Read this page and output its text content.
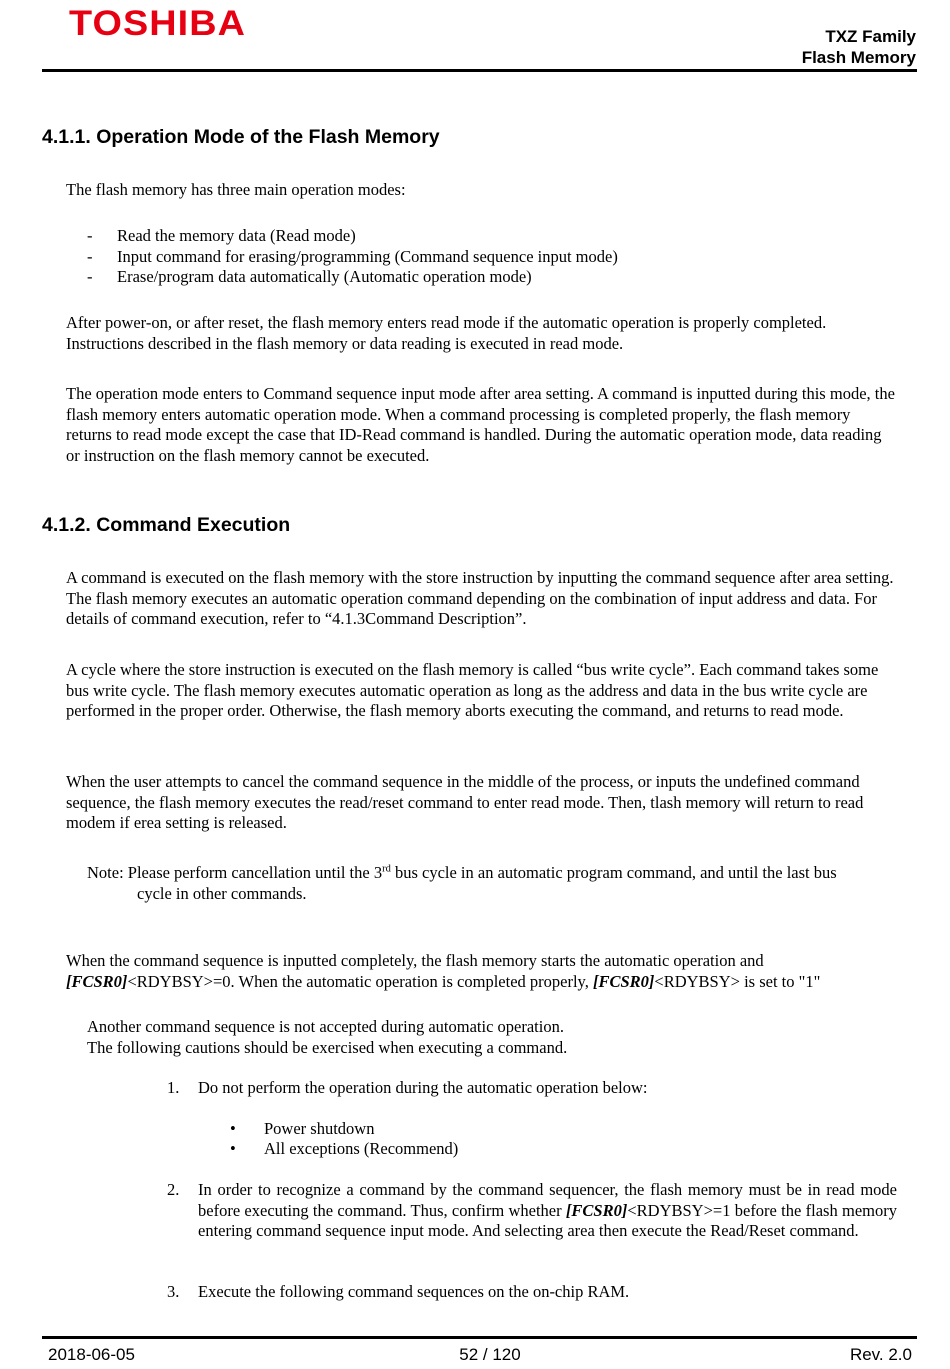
TOSHIBA	TXZ Family
Flash Memory
4.1.1. Operation Mode of the Flash Memory

The flash memory has three main operation modes:

- Read the memory data (Read mode)
- Input command for erasing/programming (Command sequence input mode)
- Erase/program data automatically (Automatic operation mode)

After power-on, or after reset, the flash memory enters read mode if the automatic operation is properly completed. Instructions described in the flash memory or data reading is executed in read mode.

The operation mode enters to Command sequence input mode after area setting. A command is inputted during this mode, the flash memory enters automatic operation mode. When a command processing is completed properly, the flash memory returns to read mode except the case that ID-Read command is handled. During the automatic operation mode, data reading or instruction on the flash memory cannot be executed.

4.1.2. Command Execution

A command is executed on the flash memory with the store instruction by inputting the command sequence after area setting. The flash memory executes an automatic operation command depending on the combination of input address and data. For details of command execution, refer to “4.1.3Command Description”.

A cycle where the store instruction is executed on the flash memory is called “bus write cycle”. Each command takes some bus write cycle. The flash memory executes automatic operation as long as the address and data in the bus write cycle are performed in the proper order. Otherwise, the flash memory aborts executing the command, and returns to read mode.

When the user attempts to cancel the command sequence in the middle of the process, or inputs the undefined command sequence, the flash memory executes the read/reset command to enter read mode. Then, tlash memory will return to read modem if erea setting is released.

Note: Please perform cancellation until the 3rd bus cycle in an automatic program command, and until the last bus
cycle in other commands.

When the command sequence is inputted completely, the flash memory starts the automatic operation and
[FCSR0]<RDYBSY>=0. When the automatic operation is completed properly, [FCSR0]<RDYBSY> is set to "1"

Another command sequence is not accepted during automatic operation.
The following cautions should be exercised when executing a command.

1. Do not perform the operation during the automatic operation below:
• Power shutdown
• All exceptions (Recommend)
2. In order to recognize a command by the command sequencer, the flash memory must be in read mode before executing the command. Thus, confirm whether [FCSR0]<RDYBSY>=1 before the flash memory entering command sequence input mode. And selecting area then execute the Read/Reset command.
3. Execute the following command sequences on the on-chip RAM.
2018-06-05	52 / 120	Rev. 2.0
